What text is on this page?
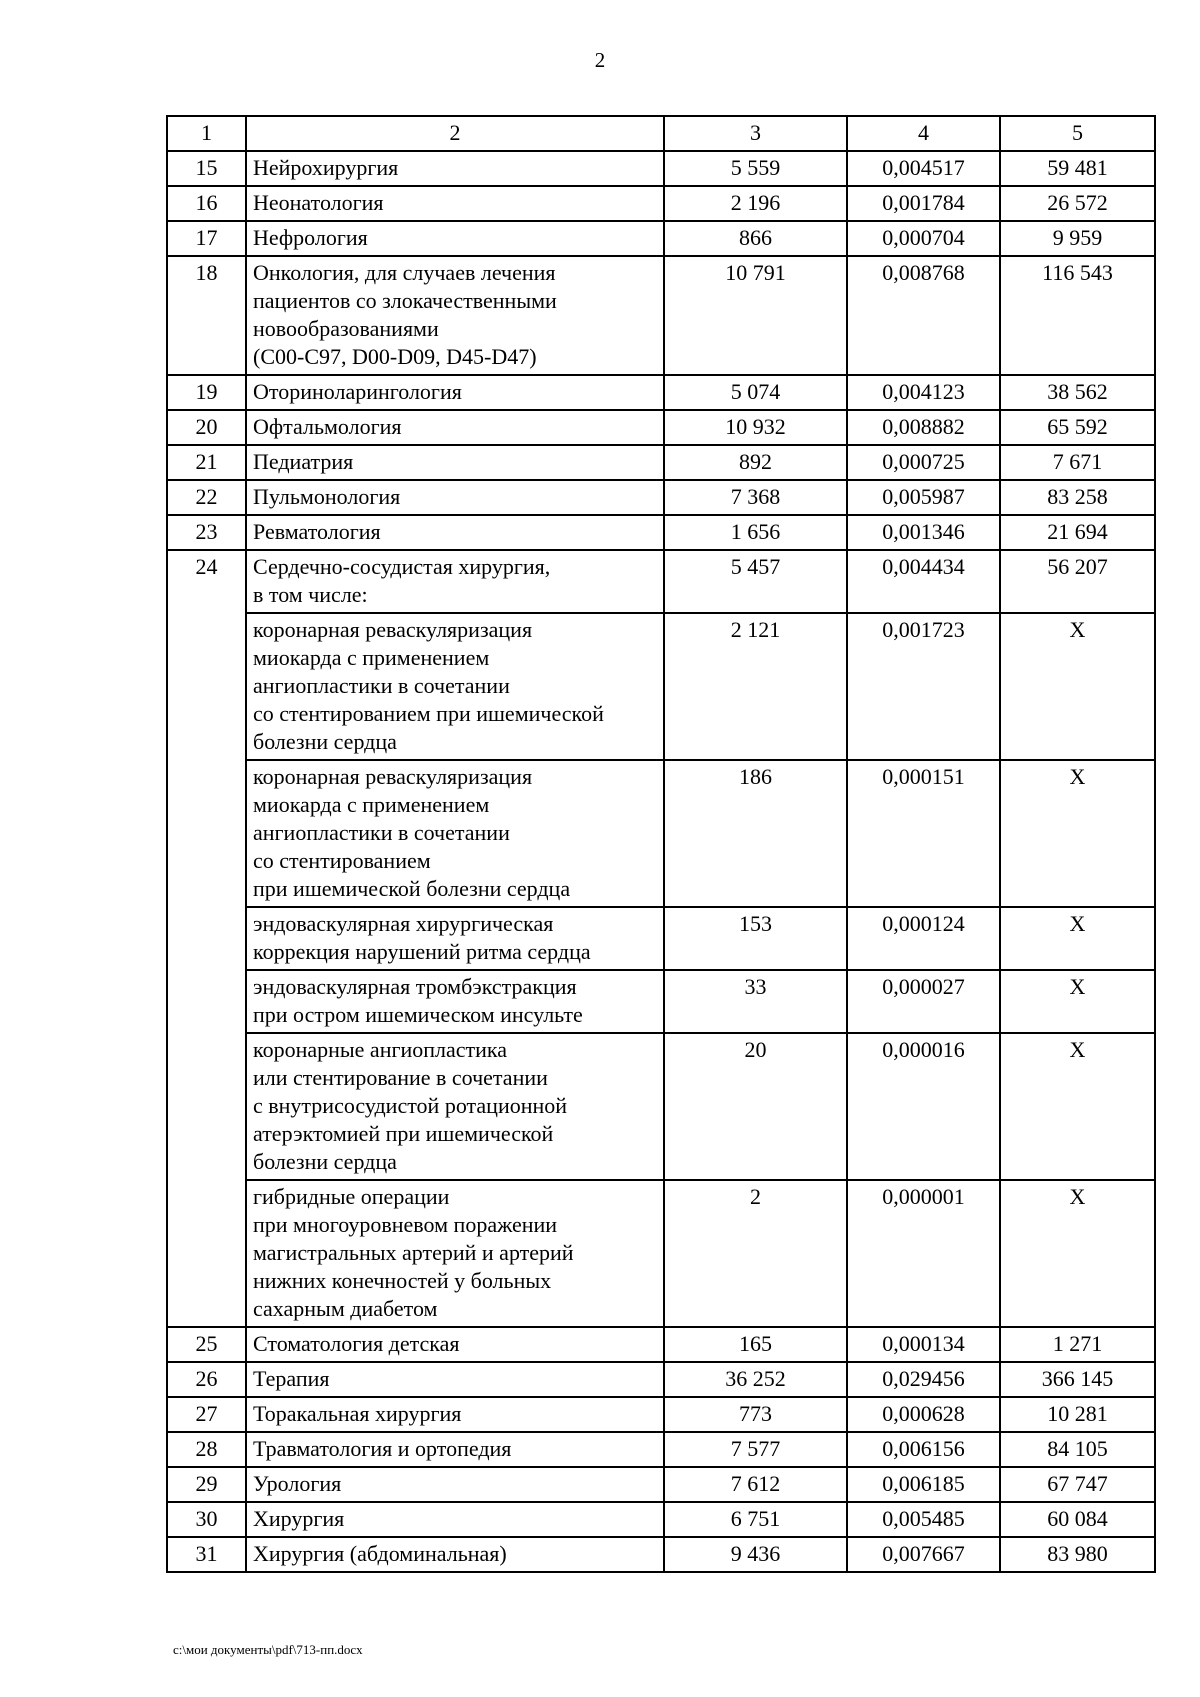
2
1	2	3	4	5
15	Нейрохирургия	5 559	0,004517	59 481
16	Неонатология	2 196	0,001784	26 572
17	Нефрология	866	0,000704	9 959
18	Онкология, для случаев лечения
пациентов со злокачественными
новообразованиями
(C00-C97, D00-D09, D45-D47)	10 791	0,008768	116 543
19	Оториноларингология	5 074	0,004123	38 562
20	Офтальмология	10 932	0,008882	65 592
21	Педиатрия	892	0,000725	7 671
22	Пульмонология	7 368	0,005987	83 258
23	Ревматология	1 656	0,001346	21 694
24	Сердечно-сосудистая хирургия,
в том числе:	5 457	0,004434	56 207

	коронарная реваскуляризация
миокарда с применением
ангиопластики в сочетании
со стентированием при ишемической
болезни сердца	2 121	0,001723	X

	коронарная реваскуляризация
миокарда с применением
ангиопластики в сочетании
со стентированием
при ишемической болезни сердца	186	0,000151	X

	эндоваскулярная хирургическая
коррекция нарушений ритма сердца	153	0,000124	X

	эндоваскулярная тромбэкстракция
при остром ишемическом инсульте	33	0,000027	X

	коронарные ангиопластика
или стентирование в сочетании
с внутрисосудистой ротационной
атерэктомией при ишемической
болезни сердца	20	0,000016	X

	гибридные операции
при многоуровневом поражении
магистральных артерий и артерий
нижних конечностей у больных
сахарным диабетом	2	0,000001	X
25	Стоматология детская	165	0,000134	1 271
26	Терапия	36 252	0,029456	366 145
27	Торакальная хирургия	773	0,000628	10 281
28	Травматология и ортопедия	7 577	0,006156	84 105
29	Урология	7 612	0,006185	67 747
30	Хирургия	6 751	0,005485	60 084
31	Хирургия (абдоминальная)	9 436	0,007667	83 980
c:\мои документы\pdf\713-пп.docx
